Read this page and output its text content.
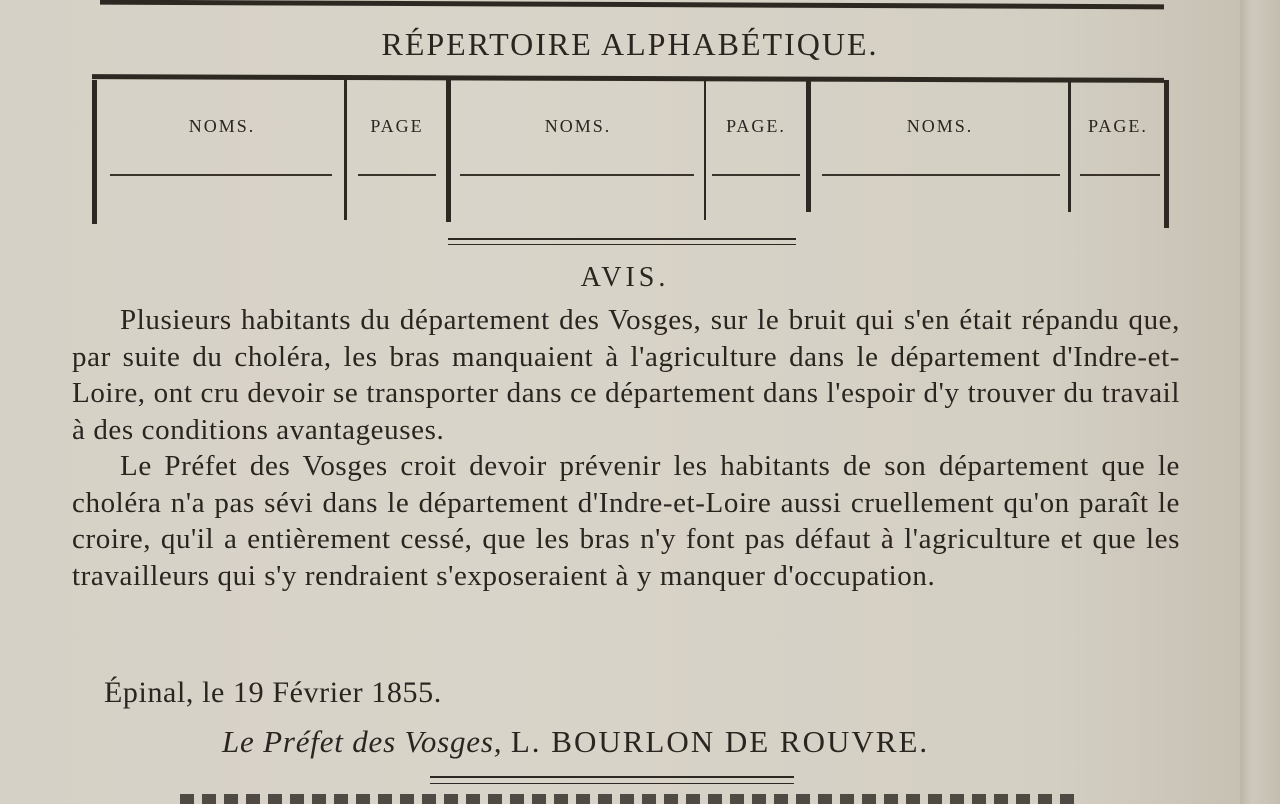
RÉPERTOIRE ALPHABÉTIQUE.
NOMS.	PAGE	NOMS.	PAGE.	NOMS.	PAGE.
AVIS.

Plusieurs habitants du département des Vosges, sur le bruit qui s'en était répandu que, par suite du choléra, les bras manquaient à l'agriculture dans le département d'Indre-et-Loire, ont cru devoir se transporter dans ce département dans l'espoir d'y trouver du travail à des conditions avantageuses.

Le Préfet des Vosges croit devoir prévenir les habitants de son département que le choléra n'a pas sévi dans le département d'Indre-et-Loire aussi cruellement qu'on paraît le croire, qu'il a entièrement cessé, que les bras n'y font pas défaut à l'agriculture et que les travailleurs qui s'y rendraient s'exposeraient à y manquer d'occupation.

Épinal, le 19 Février 1855.
Le Préfet des Vosges, L. BOURLON DE ROUVRE.
